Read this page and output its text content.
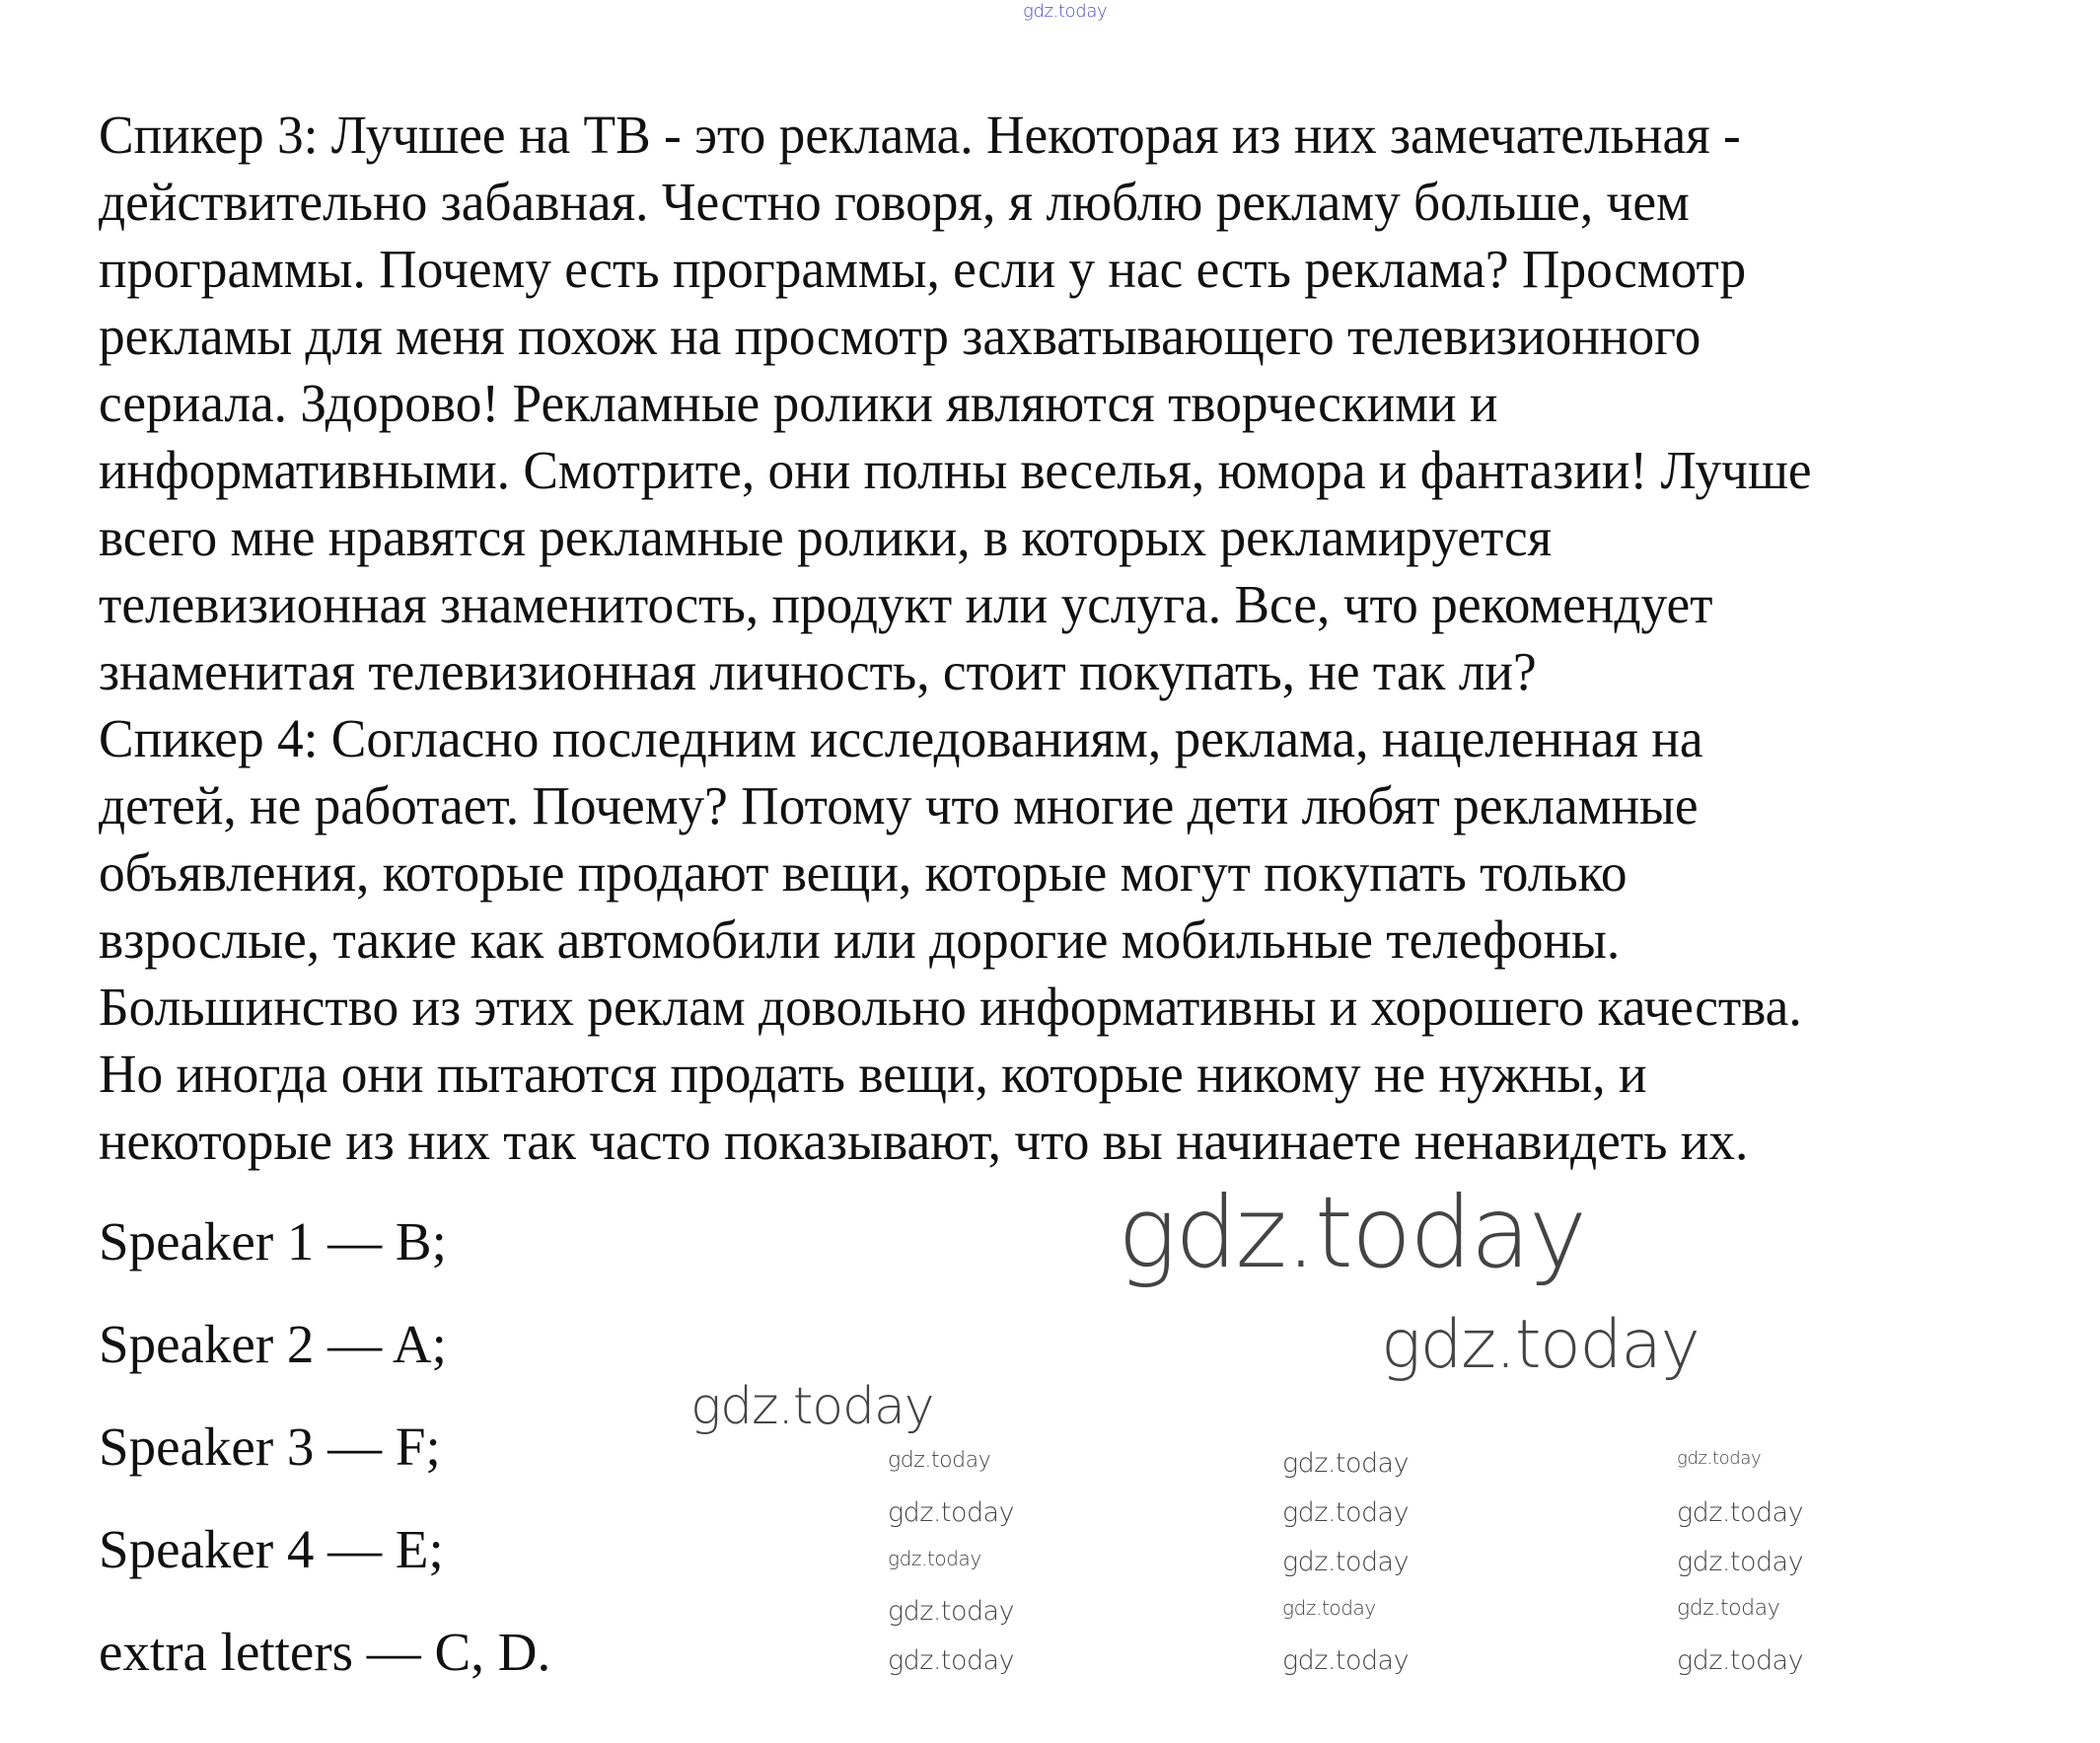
Спикер 3: Лучшее на ТВ - это реклама. Некоторая из них замечательная -
действительно забавная. Честно говоря, я люблю рекламу больше, чем
программы. Почему есть программы, если у нас есть реклама? Просмотр
рекламы для меня похож на просмотр захватывающего телевизионного
сериала. Здорово! Рекламные ролики являются творческими и
информативными. Смотрите, они полны веселья, юмора и фантазии! Лучше
всего мне нравятся рекламные ролики, в которых рекламируется
телевизионная знаменитость, продукт или услуга. Все, что рекомендует
знаменитая телевизионная личность, стоит покупать, не так ли?
Спикер 4: Согласно последним исследованиям, реклама, нацеленная на
детей, не работает. Почему? Потому что многие дети любят рекламные
объявления, которые продают вещи, которые могут покупать только
взрослые, такие как автомобили или дорогие мобильные телефоны.
Большинство из этих реклам довольно информативны и хорошего качества.
Но иногда они пытаются продать вещи, которые никому не нужны, и
некоторые из них так часто показывают, что вы начинаете ненавидеть их.
Speaker 1 — B;
Speaker 2 — A;
Speaker 3 — F;
Speaker 4 — E;
extra letters — C, D.
gdz.today
gdz.today
gdz.today
gdz.today
gdz.today	gdz.today	gdz.today
gdz.today	gdz.today	gdz.today
gdz.today	gdz.today	gdz.today
gdz.today	gdz.today	gdz.today
gdz.today	gdz.today	gdz.today
